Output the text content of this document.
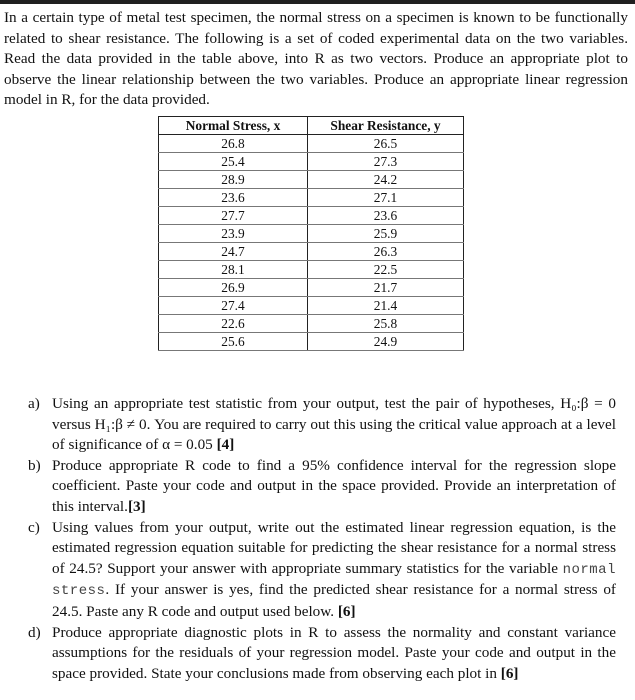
In a certain type of metal test specimen, the normal stress on a specimen is known to be functionally related to shear resistance. The following is a set of coded experimental data on the two variables. Read the data provided in the table above, into R as two vectors. Produce an appropriate plot to observe the linear relationship between the two variables. Produce an appropriate linear regression model in R, for the data provided.

Normal Stress, x	Shear Resistance, y
26.8	26.5
25.4	27.3
28.9	24.2
23.6	27.1
27.7	23.6
23.9	25.9
24.7	26.3
28.1	22.5
26.9	21.7
27.4	21.4
22.6	25.8
25.6	24.9
a) Using an appropriate test statistic from your output, test the pair of hypotheses, H₀:β = 0 versus H₁:β ≠ 0. You are required to carry out this using the critical value approach at a level of significance of α = 0.05 [4]
b) Produce appropriate R code to find a 95% confidence interval for the regression slope coefficient. Paste your code and output in the space provided. Provide an interpretation of this interval.[3]
c) Using values from your output, write out the estimated linear regression equation, is the estimated regression equation suitable for predicting the shear resistance for a normal stress of 24.5? Support your answer with appropriate summary statistics for the variable normal stress. If your answer is yes, find the predicted shear resistance for a normal stress of 24.5. Paste any R code and output used below. [6]
d) Produce appropriate diagnostic plots in R to assess the normality and constant variance assumptions for the residuals of your regression model. Paste your code and output in the space provided. State your conclusions made from observing each plot in [6]
